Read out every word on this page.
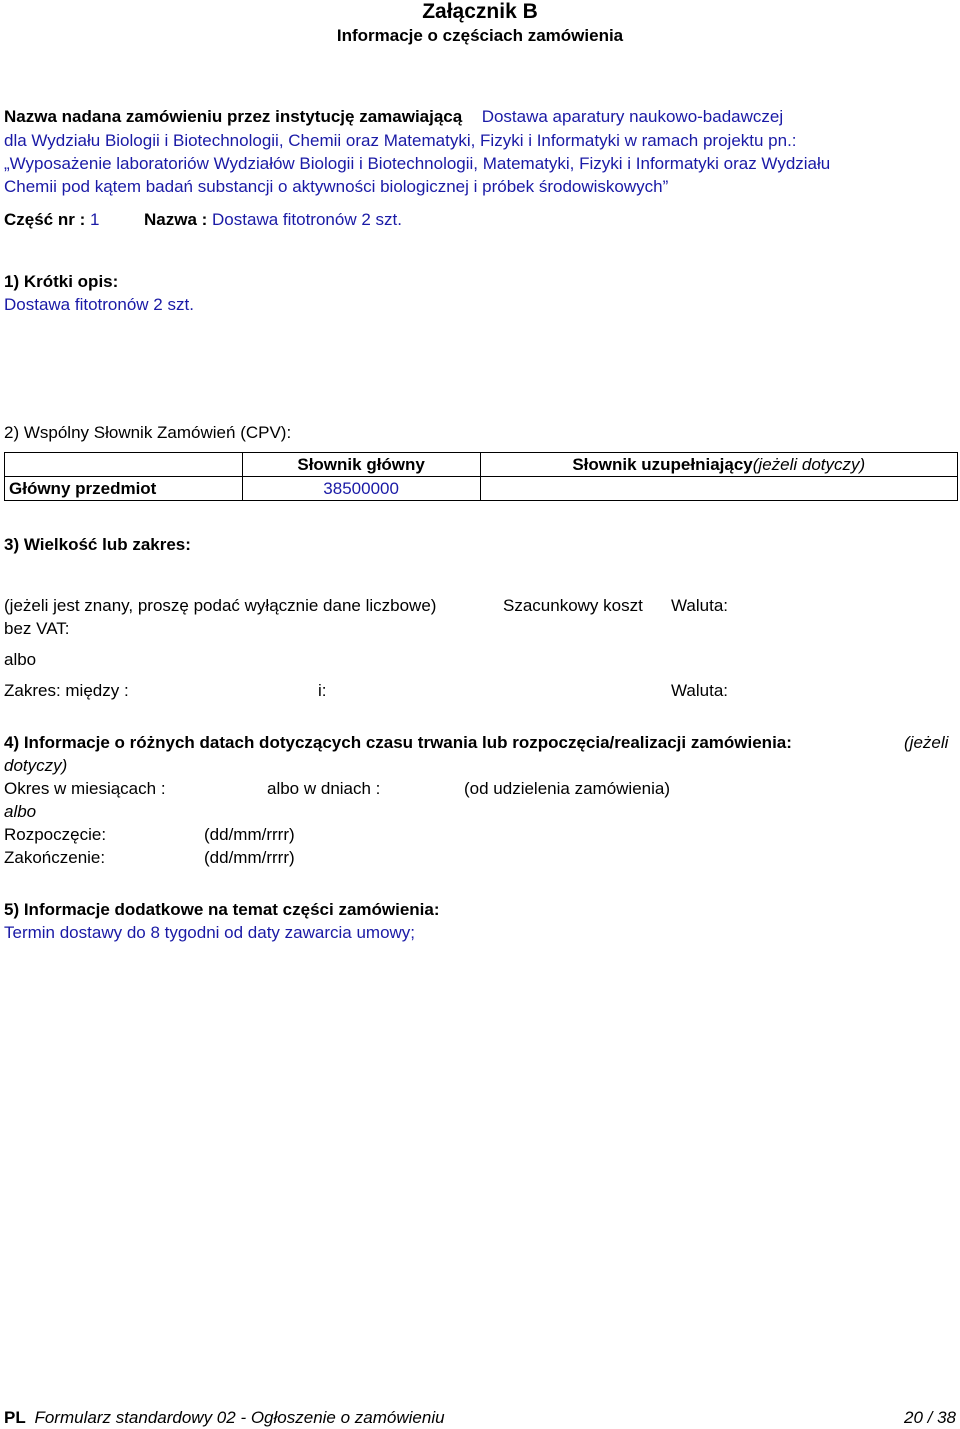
Załącznik B
Informacje o częściach zamówienia
Nazwa nadana zamówieniu przez instytucję zamawiającą Dostawa aparatury naukowo-badawczej
dla Wydziału Biologii i Biotechnologii, Chemii oraz Matematyki, Fizyki i Informatyki w ramach projektu pn.:
„Wyposażenie laboratoriów Wydziałów Biologii i Biotechnologii, Matematyki, Fizyki i Informatyki oraz Wydziału
Chemii pod kątem badań substancji o aktywności biologicznej i próbek środowiskowych”
Część nr : 1	Nazwa : Dostawa fitotronów 2 szt.
1) Krótki opis:
Dostawa fitotronów 2 szt.
2) Wspólny Słownik Zamówień (CPV):
	Słownik główny	Słownik uzupełniający(jeżeli dotyczy)
Główny przedmiot	38500000	
3) Wielkość lub zakres:
(jeżeli jest znany, proszę podać wyłącznie dane liczbowe)	Szacunkowy koszt Waluta:
bez VAT:
albo
Zakres: między :	i:	Waluta:
4) Informacje o różnych datach dotyczących czasu trwania lub rozpoczęcia/realizacji zamówienia:	(jeżeli
dotyczy)
Okres w miesiącach :	albo w dniach :	(od udzielenia zamówienia)
albo
Rozpoczęcie:	(dd/mm/rrrr)
Zakończenie:	(dd/mm/rrrr)
5) Informacje dodatkowe na temat części zamówienia:
Termin dostawy do 8 tygodni od daty zawarcia umowy;
PL Formularz standardowy 02 - Ogłoszenie o zamówieniu	20 / 38
